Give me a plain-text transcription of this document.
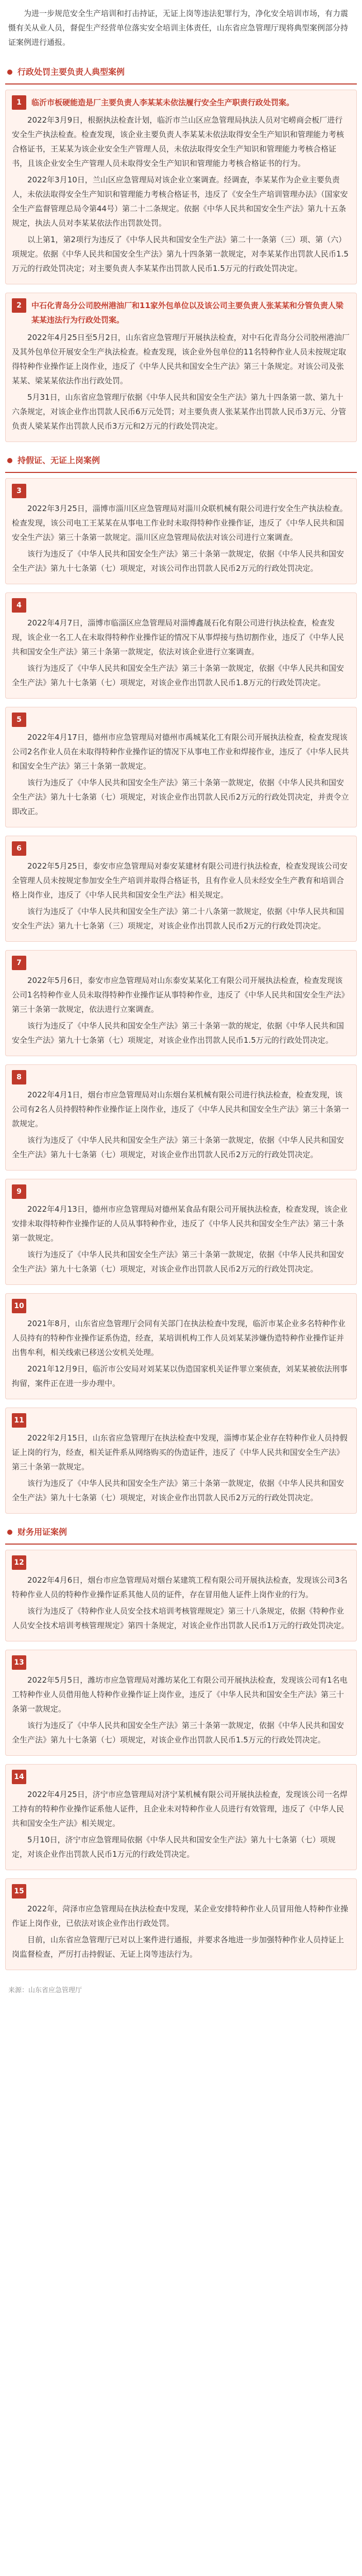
为进一步规范安全生产培训和打击持证，无证上岗等违法犯罪行为，净化安全培训市场，有力震慑有关从业人员，督促生产经营单位落实安全培训主体责任，山东省应急管理厅现将典型案例部分持证案例进行通报。

行政处罚主要负责人典型案例
1	临沂市板硬能造是厂主要负责人李某某未依法履行安全生产职责行政处罚案。

2022年3月9日，根据执法检查计划，临沂市兰山区应急管理局执法人员对宅崂商会板厂进行安全生产执法检查。检查发现，该企业主要负责人李某某未依法取得安全生产知识和管理能力考核合格证书，王某某为该企业安全生产管理人员，未依法取得安全生产知识和管理能力考核合格证书，且该企业安全生产管理人员未取得安全生产知识和管理能力考核合格证书的行为。

2022年3月10日，兰山区应急管理局对该企业立案调查。经调查，李某某作为企业主要负责人，未依法取得安全生产知识和管理能力考核合格证书，违反了《安全生产培训管理办法》（国家安全生产监督管理总局令第44号）第二十二条规定。依据《中华人民共和国安全生产法》第九十五条规定，执法人员对李某某依法作出罚款处罚。

以上第1，第2项行为违反了《中华人民共和国安全生产法》第二十一条第（三）项、第（六）项规定。依据《中华人民共和国安全生产法》第九十四条第一款规定，对李某某作出罚款人民币1.5万元的行政处罚决定；对主要负责人李某某作出罚款人民币1.5万元的行政处罚决定。

2	中石化青岛分公司胶州港油厂和11家外包单位以及该公司主要负责人张某某和分管负责人梁某某违法行为行政处罚案。

2022年4月25日至5月2日，山东省应急管理厅开展执法检查，对中石化青岛分公司胶州港油厂及其外包单位开展安全生产执法检查。检查发现，该企业外包单位的11名特种作业人员未按规定取得特种作业操作证上岗作业，违反了《中华人民共和国安全生产法》第三十条规定。对该公司及张某某、梁某某依法作出行政处罚。

5月31日，山东省应急管理厅依据《中华人民共和国安全生产法》第九十四条第一款、第九十六条规定，对该企业作出罚款人民币6万元处罚；对主要负责人张某某作出罚款人民币3万元、分管负责人梁某某作出罚款人民币3万元和2万元的行政处罚决定。

持假证、无证上岗案例
3

2022年3月25日，淄博市淄川区应急管理局对淄川众联机械有限公司进行安全生产执法检查。检查发现，该公司电工王某某在从事电工作业时未取得特种作业操作证，违反了《中华人民共和国安全生产法》第三十条第一款规定。淄川区应急管理局依法对该公司进行立案调查。

该行为违反了《中华人民共和国安全生产法》第三十条第一款规定，依据《中华人民共和国安全生产法》第九十七条第（七）项规定，对该公司作出罚款人民币2万元的行政处罚决定。

4

2022年4月7日，淄博市临淄区应急管理局对淄博鑫晟石化有限公司进行执法检查，检查发现，该企业一名工人在未取得特种作业操作证的情况下从事焊接与热切割作业，违反了《中华人民共和国安全生产法》第三十条第一款规定，依法对该企业进行立案调查。

该行为违反了《中华人民共和国安全生产法》第三十条第一款规定，依据《中华人民共和国安全生产法》第九十七条第（七）项规定，对该企业作出罚款人民币1.8万元的行政处罚决定。

5

2022年4月17日，德州市应急管理局对德州市禹城某化工有限公司开展执法检查，检查发现该公司2名作业人员在未取得特种作业操作证的情况下从事电工作业和焊接作业，违反了《中华人民共和国安全生产法》第三十条第一款规定。

该行为违反了《中华人民共和国安全生产法》第三十条第一款规定，依据《中华人民共和国安全生产法》第九十七条第（七）项规定，对该企业作出罚款人民币2万元的行政处罚决定，并责令立即改正。

6

2022年5月25日，泰安市应急管理局对泰安某建材有限公司进行执法检查，检查发现该公司安全管理人员未按规定参加安全生产培训并取得合格证书，且有作业人员未经安全生产教育和培训合格上岗作业，违反了《中华人民共和国安全生产法》相关规定。

该行为违反了《中华人民共和国安全生产法》第二十八条第一款规定，依据《中华人民共和国安全生产法》第九十七条第（三）项规定，对该企业作出罚款人民币2万元的行政处罚决定。

7

2022年5月6日，泰安市应急管理局对山东泰安某某化工有限公司开展执法检查，检查发现该公司1名特种作业人员未取得特种作业操作证从事特种作业，违反了《中华人民共和国安全生产法》第三十条第一款规定，依法进行立案调查。

该行为违反了《中华人民共和国安全生产法》第三十条第一款的规定，依据《中华人民共和国安全生产法》第九十七条第（七）项规定，对该企业作出罚款人民币1.5万元的行政处罚决定。

8

2022年4月1日，烟台市应急管理局对山东烟台某机械有限公司进行执法检查，检查发现，该公司有2名人员持假特种作业操作证上岗作业，违反了《中华人民共和国安全生产法》第三十条第一款规定。

该行为违反了《中华人民共和国安全生产法》第三十条第一款规定，依据《中华人民共和国安全生产法》第九十七条第（七）项规定，对该企业作出罚款人民币2万元的行政处罚决定。

9

2022年4月13日，德州市应急管理局对德州某食品有限公司开展执法检查，检查发现，该企业安排未取得特种作业操作证的人员从事特种作业，违反了《中华人民共和国安全生产法》第三十条第一款规定。

该行为违反了《中华人民共和国安全生产法》第三十条第一款规定，依据《中华人民共和国安全生产法》第九十七条第（七）项规定，对该企业作出罚款人民币2万元的行政处罚决定。

10

2021年8月，山东省应急管理厅会同有关部门在执法检查中发现，临沂市某企业多名特种作业人员持有的特种作业操作证系伪造，经查，某培训机构工作人员刘某某涉嫌伪造特种作业操作证并出售牟利，相关线索已移送公安机关处理。

2021年12月9日，临沂市公安局对刘某某以伪造国家机关证件罪立案侦查，刘某某被依法刑事拘留，案件正在进一步办理中。

11

2022年2月15日，山东省应急管理厅在执法检查中发现，淄博市某企业存在特种作业人员持假证上岗的行为，经查，相关证件系从网络购买的伪造证件，违反了《中华人民共和国安全生产法》第三十条第一款规定。

该行为违反了《中华人民共和国安全生产法》第三十条第一款规定，依据《中华人民共和国安全生产法》第九十七条第（七）项规定，对该企业作出罚款人民币2万元的行政处罚决定。

财务用证案例
12

2022年4月6日，烟台市应急管理局对烟台某建筑工程有限公司开展执法检查，发现该公司3名特种作业人员的特种作业操作证系其他人员的证件，存在冒用他人证件上岗作业的行为。

该行为违反了《特种作业人员安全技术培训考核管理规定》第三十八条规定，依据《特种作业人员安全技术培训考核管理规定》第四十条规定，对该企业作出罚款人民币1万元的行政处罚决定。

13

2022年5月5日，潍坊市应急管理局对潍坊某化工有限公司开展执法检查，发现该公司有1名电工特种作业人员借用他人特种作业操作证上岗作业，违反了《中华人民共和国安全生产法》第三十条第一款规定。

该行为违反了《中华人民共和国安全生产法》第三十条第一款规定，依据《中华人民共和国安全生产法》第九十七条第（七）项规定，对该企业作出罚款人民币1.5万元的行政处罚决定。

14

2022年4月25日，济宁市应急管理局对济宁某机械有限公司开展执法检查，发现该公司一名焊工持有的特种作业操作证系他人证件，且企业未对特种作业人员进行有效管理，违反了《中华人民共和国安全生产法》相关规定。

5月10日，济宁市应急管理局依据《中华人民共和国安全生产法》第九十七条第（七）项规定，对该企业作出罚款人民币1万元的行政处罚决定。

15

2022年，菏泽市应急管理局在执法检查中发现，某企业安排特种作业人员冒用他人特种作业操作证上岗作业，已依法对该企业作出行政处罚。

目前，山东省应急管理厅已对以上案件进行通报，并要求各地进一步加强特种作业人员持证上岗监督检查，严厉打击持假证、无证上岗等违法行为。

来源：山东省应急管理厅
